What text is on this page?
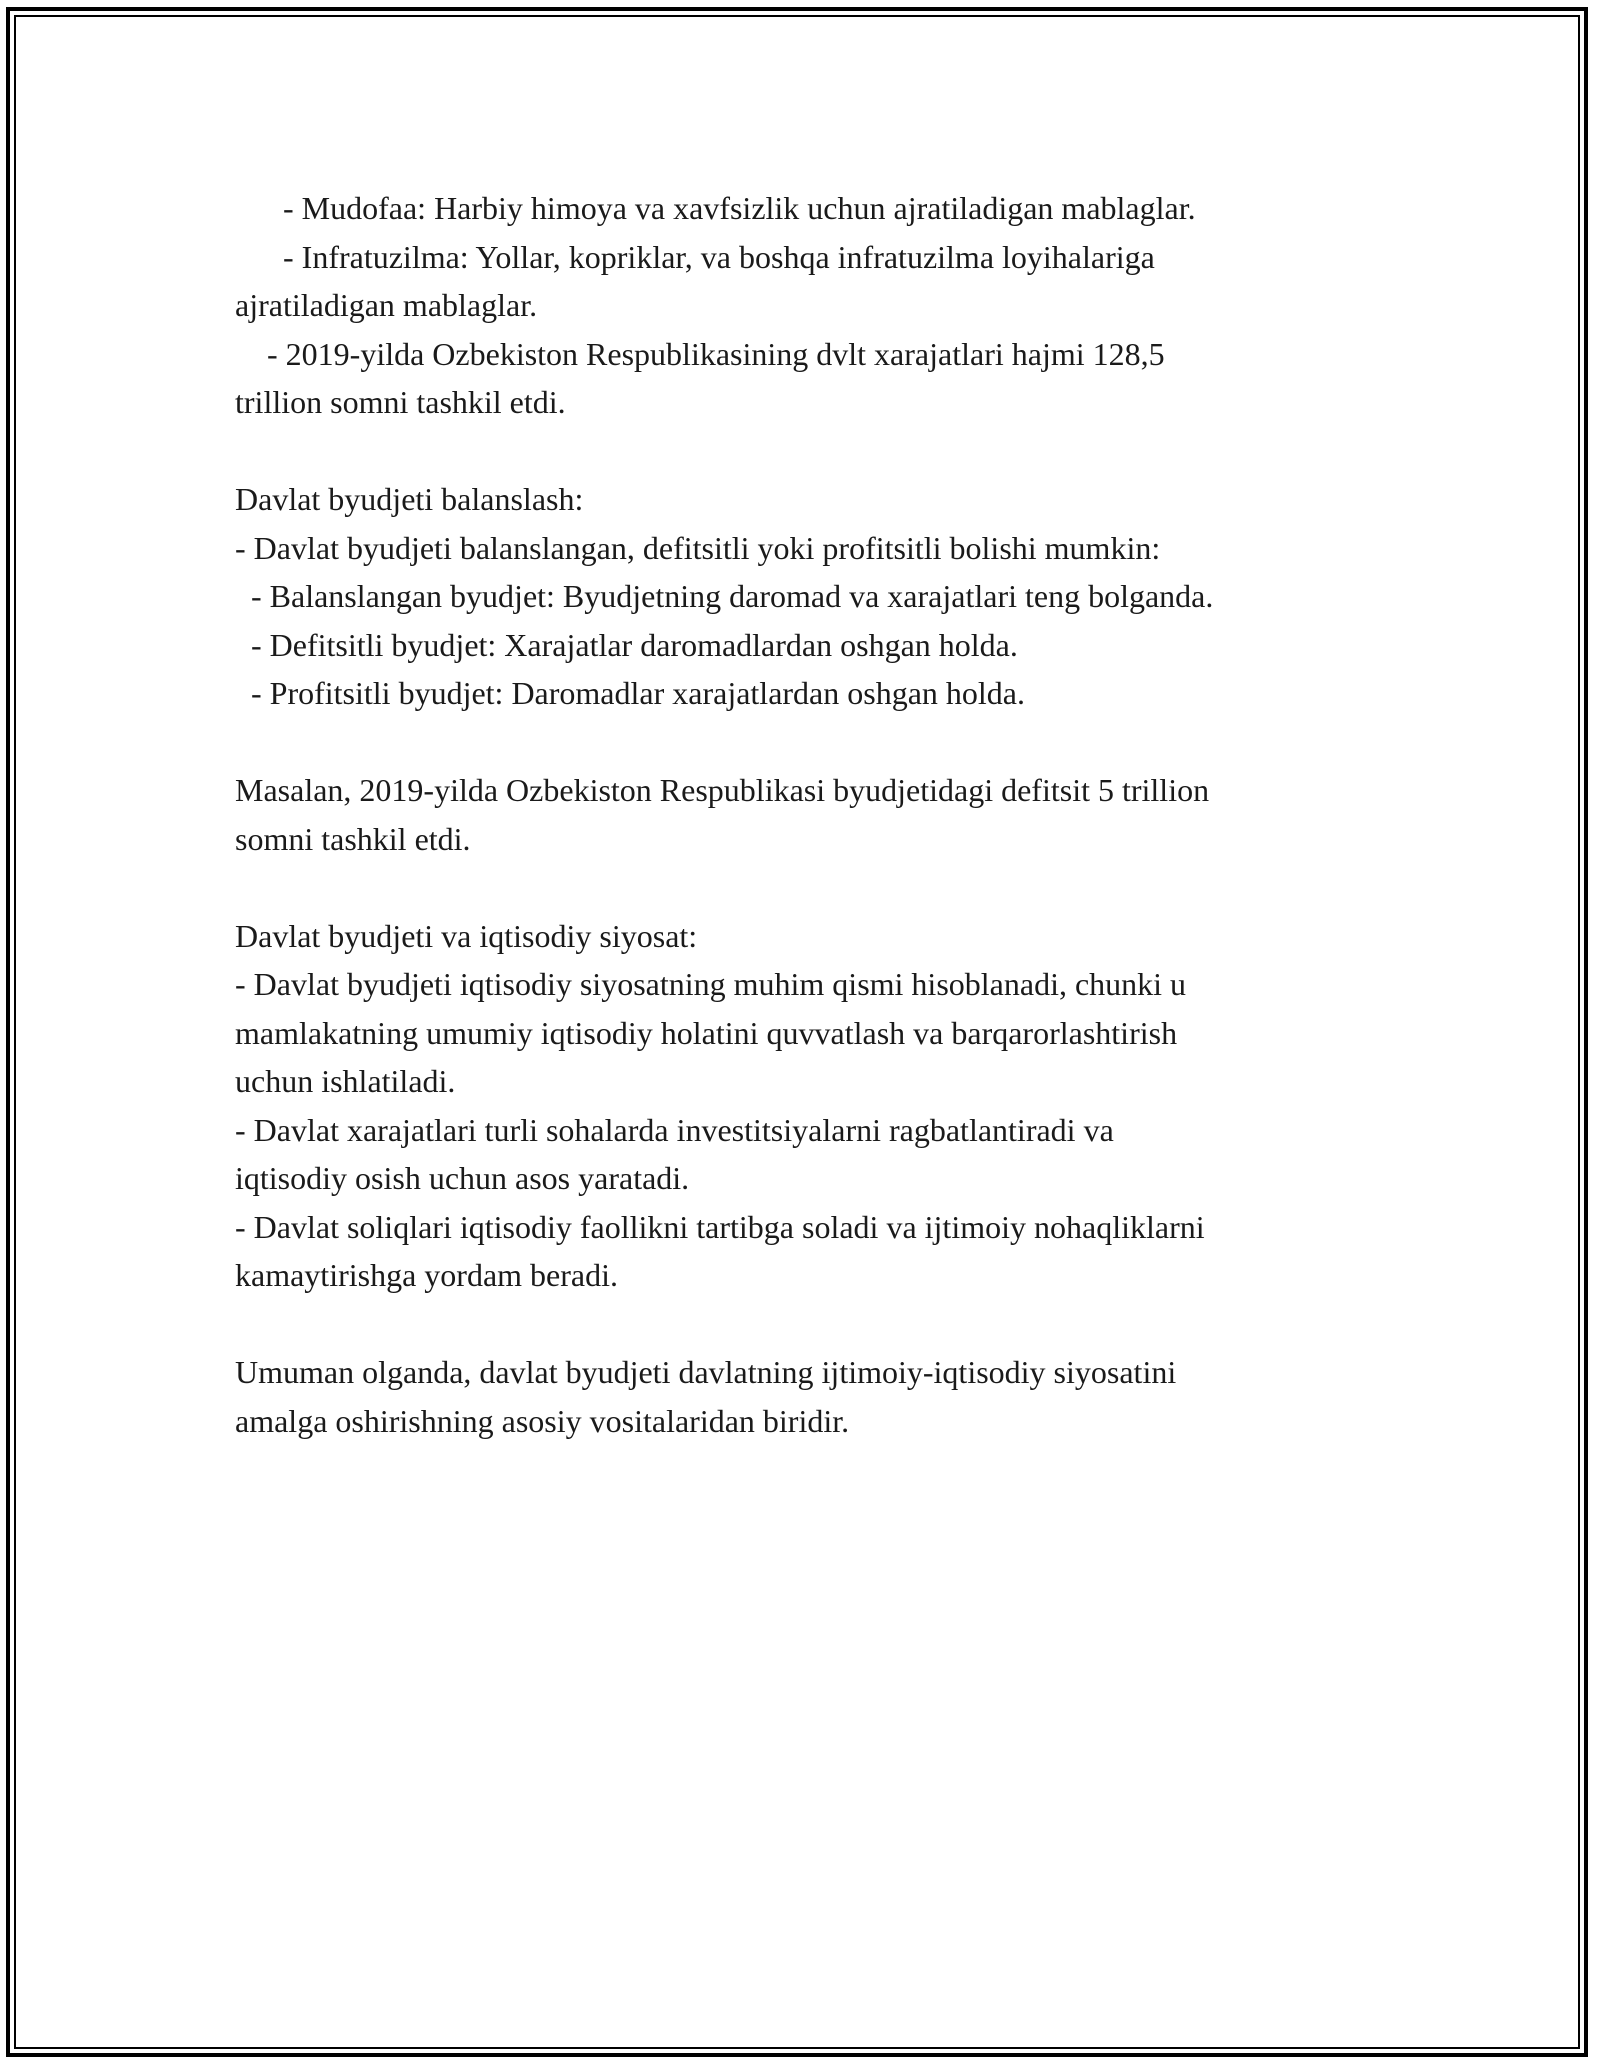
- Mudofaa: Harbiy himoya va xavfsizlik uchun ajratiladigan mablaglar.
- Infratuzilma: Yollar, kopriklar, va boshqa infratuzilma loyihalariga
ajratiladigan mablaglar.
- 2019-yilda Ozbekiston Respublikasining dvlt xarajatlari hajmi 128,5
trillion somni tashkil etdi.
Davlat byudjeti balanslash:
- Davlat byudjeti balanslangan, defitsitli yoki profitsitli bolishi mumkin:
- Balanslangan byudjet: Byudjetning daromad va xarajatlari teng bolganda.
- Defitsitli byudjet: Xarajatlar daromadlardan oshgan holda.
- Profitsitli byudjet: Daromadlar xarajatlardan oshgan holda.
Masalan, 2019-yilda Ozbekiston Respublikasi byudjetidagi defitsit 5 trillion
somni tashkil etdi.
Davlat byudjeti va iqtisodiy siyosat:
- Davlat byudjeti iqtisodiy siyosatning muhim qismi hisoblanadi, chunki u
mamlakatning umumiy iqtisodiy holatini quvvatlash va barqarorlashtirish
uchun ishlatiladi.
- Davlat xarajatlari turli sohalarda investitsiyalarni ragbatlantiradi va
iqtisodiy osish uchun asos yaratadi.
- Davlat soliqlari iqtisodiy faollikni tartibga soladi va ijtimoiy nohaqliklarni
kamaytirishga yordam beradi.
Umuman olganda, davlat byudjeti davlatning ijtimoiy-iqtisodiy siyosatini
amalga oshirishning asosiy vositalaridan biridir.
